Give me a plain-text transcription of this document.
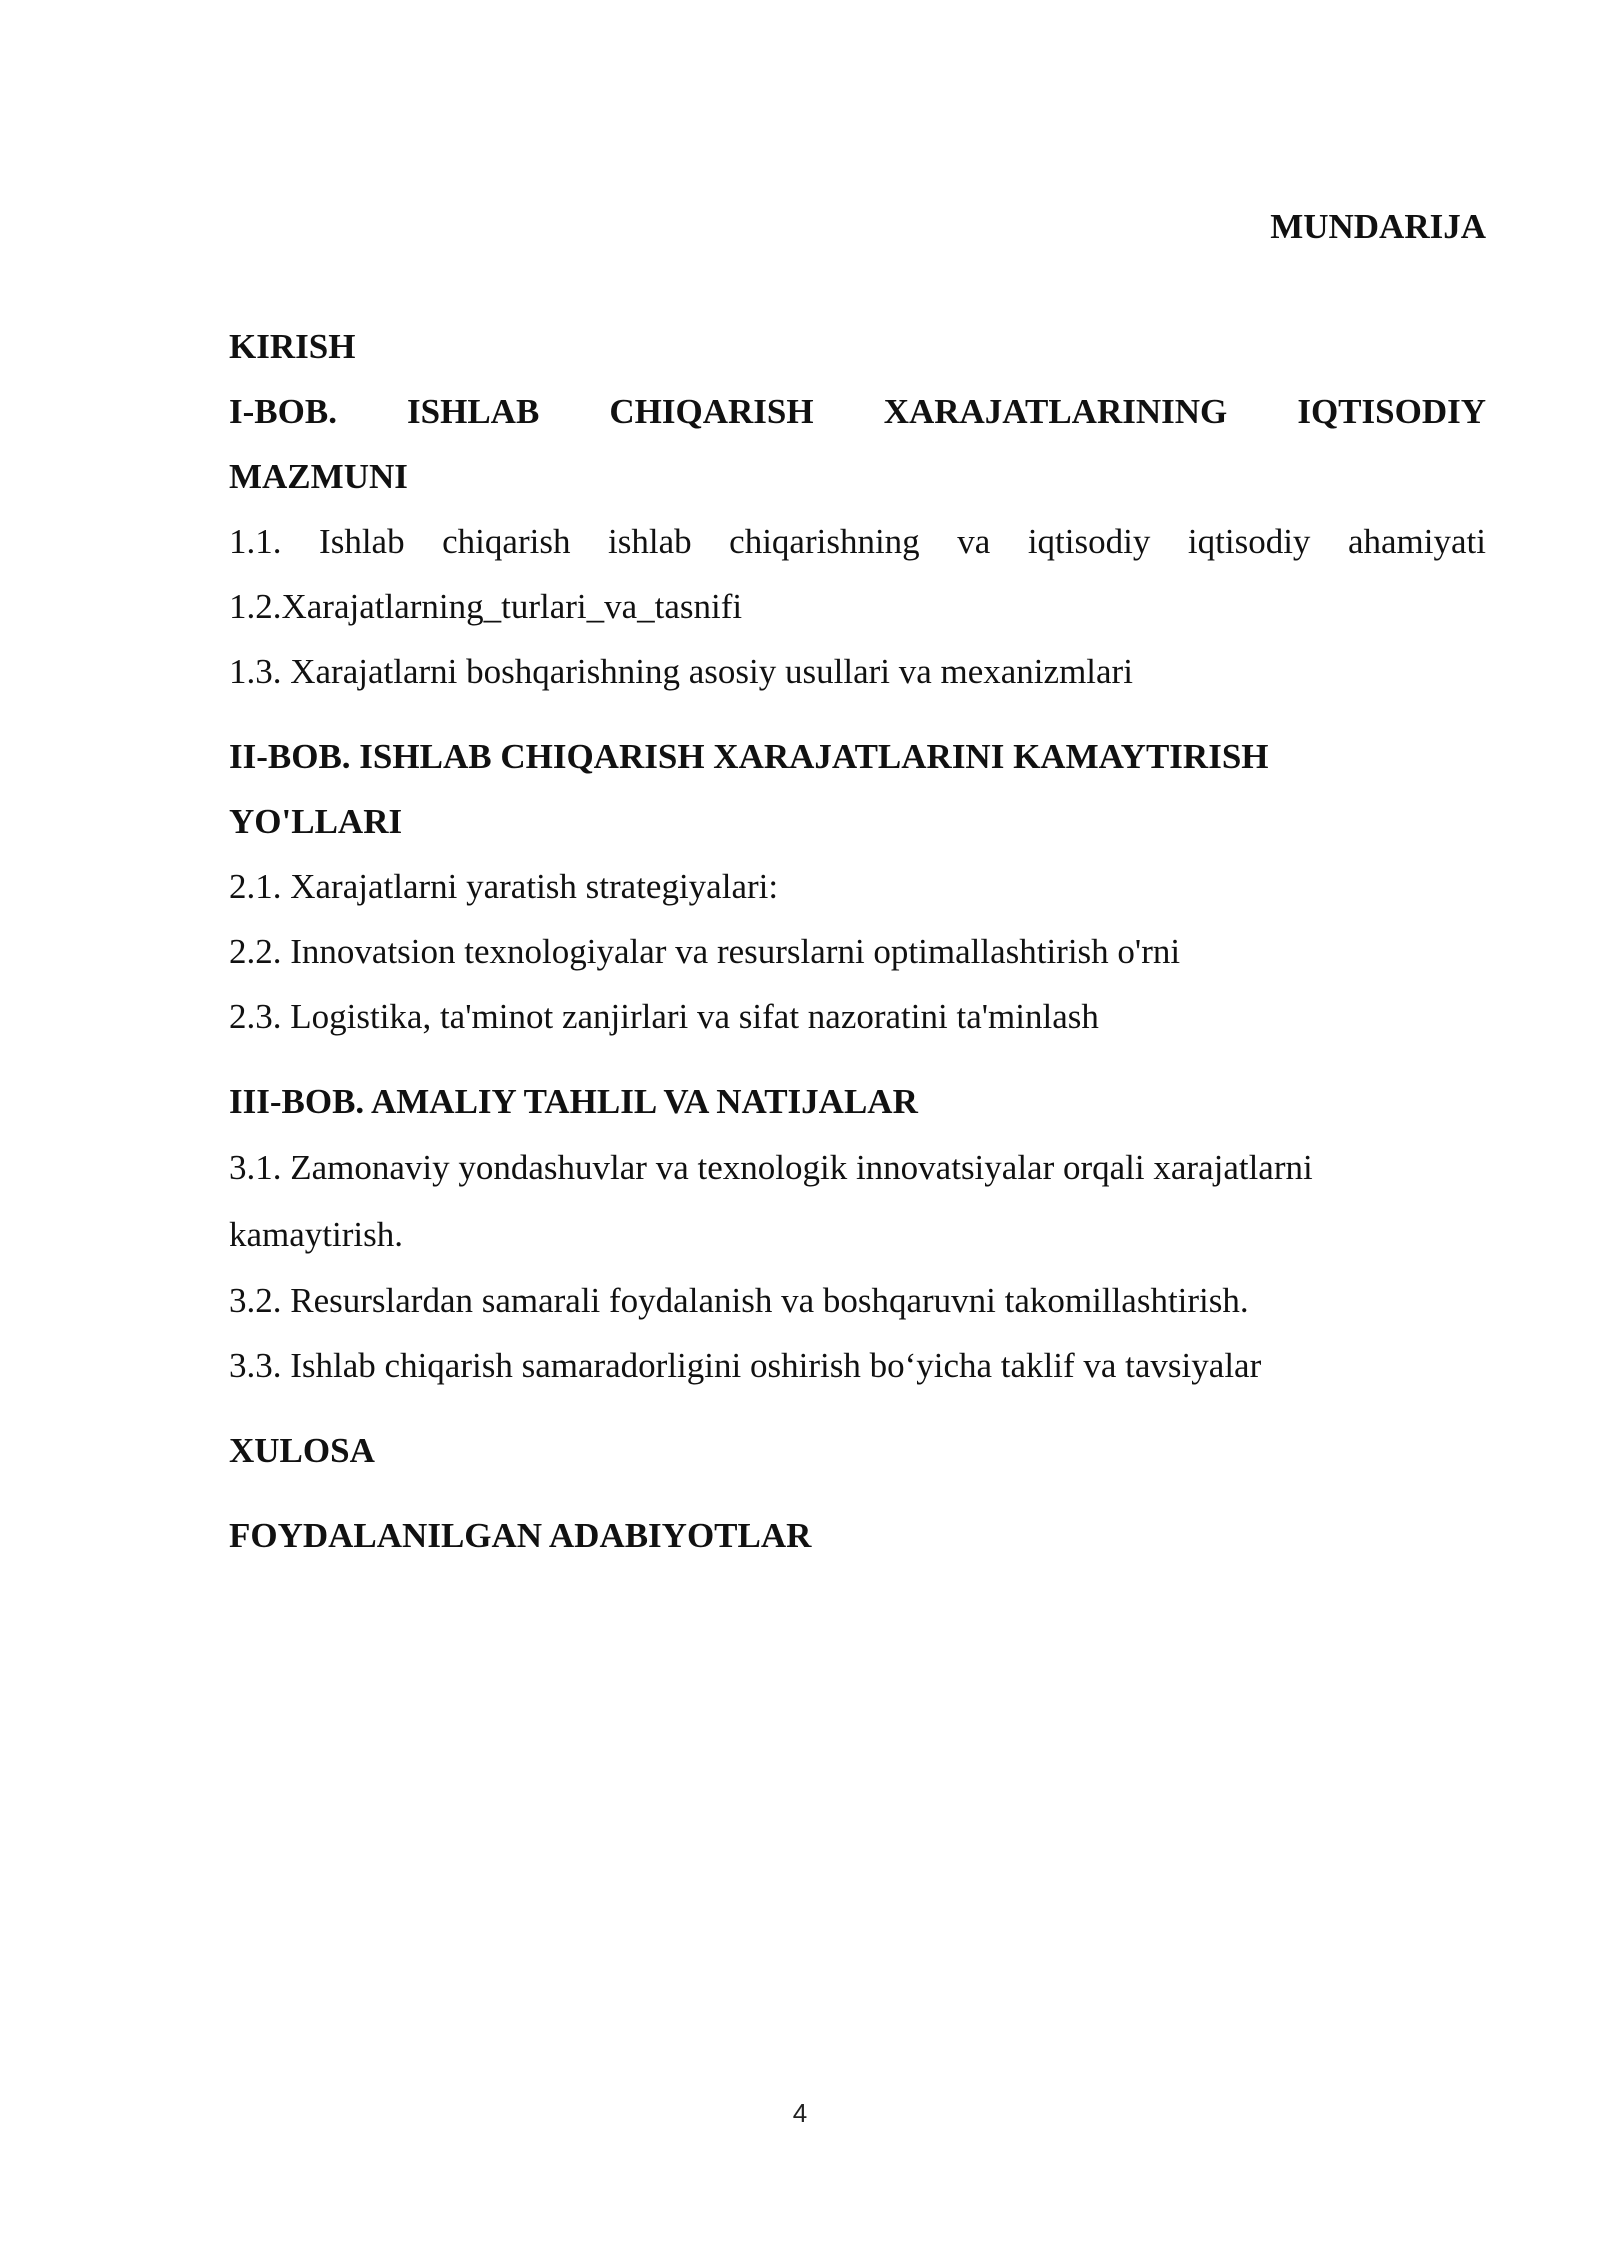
MUNDARIJA

KIRISH

I-BOB. ISHLAB CHIQARISH XARAJATLARINING IQTISODIY

MAZMUNI

1.1. Ishlab chiqarish ishlab chiqarishning va iqtisodiy iqtisodiy ahamiyati

1.2.Xarajatlarning_turlari_va_tasnifi

1.3. Xarajatlarni boshqarishning asosiy usullari va mexanizmlari

II-BOB. ISHLAB CHIQARISH XARAJATLARINI KAMAYTIRISH

YO'LLARI

2.1. Xarajatlarni yaratish strategiyalari:

2.2. Innovatsion texnologiyalar va resurslarni optimallashtirish o'rni

2.3. Logistika, ta'minot zanjirlari va sifat nazoratini ta'minlash

III-BOB. AMALIY TAHLIL VA NATIJALAR

3.1. Zamonaviy yondashuvlar va texnologik innovatsiyalar orqali xarajatlarni kamaytirish.

3.2. Resurslardan samarali foydalanish va boshqaruvni takomillashtirish.

3.3. Ishlab chiqarish samaradorligini oshirish bo‘yicha taklif va tavsiyalar

XULOSA

FOYDALANILGAN ADABIYOTLAR

4
